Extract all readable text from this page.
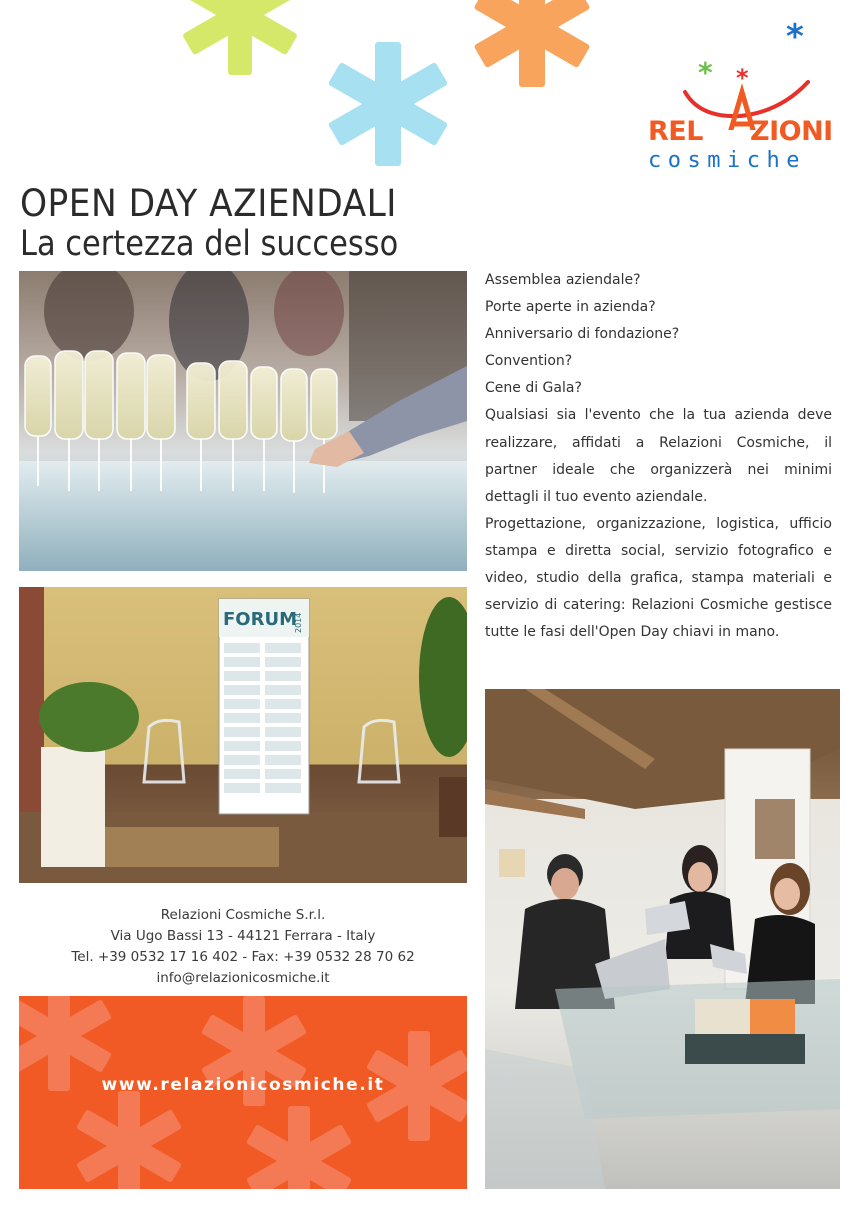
*
* *
REL ZIONI
cosmiche
OPEN DAY AZIENDALI
La certezza del successo
FORUM
2014
Assemblea aziendale?
Porte aperte in azienda?
Anniversario di fondazione?
Convention?
Cene di Gala?
Qualsiasi sia l'evento che la tua azienda deve realizzare, affidati a Relazioni Cosmiche, il partner ideale che organizzerà nei minimi dettagli il tuo evento aziendale.
Progettazione, organizzazione, logistica, ufficio stampa e diretta social, servizio fotografico e video, studio della grafica, stampa materiali e servizio di catering: Relazioni Cosmiche gestisce tutte le fasi dell'Open Day chiavi in mano.
Relazioni Cosmiche S.r.l.
Via Ugo Bassi 13 - 44121 Ferrara - Italy
Tel. +39 0532 17 16 402 - Fax: +39 0532 28 70 62
info@relazionicosmiche.it
www.relazionicosmiche.it
